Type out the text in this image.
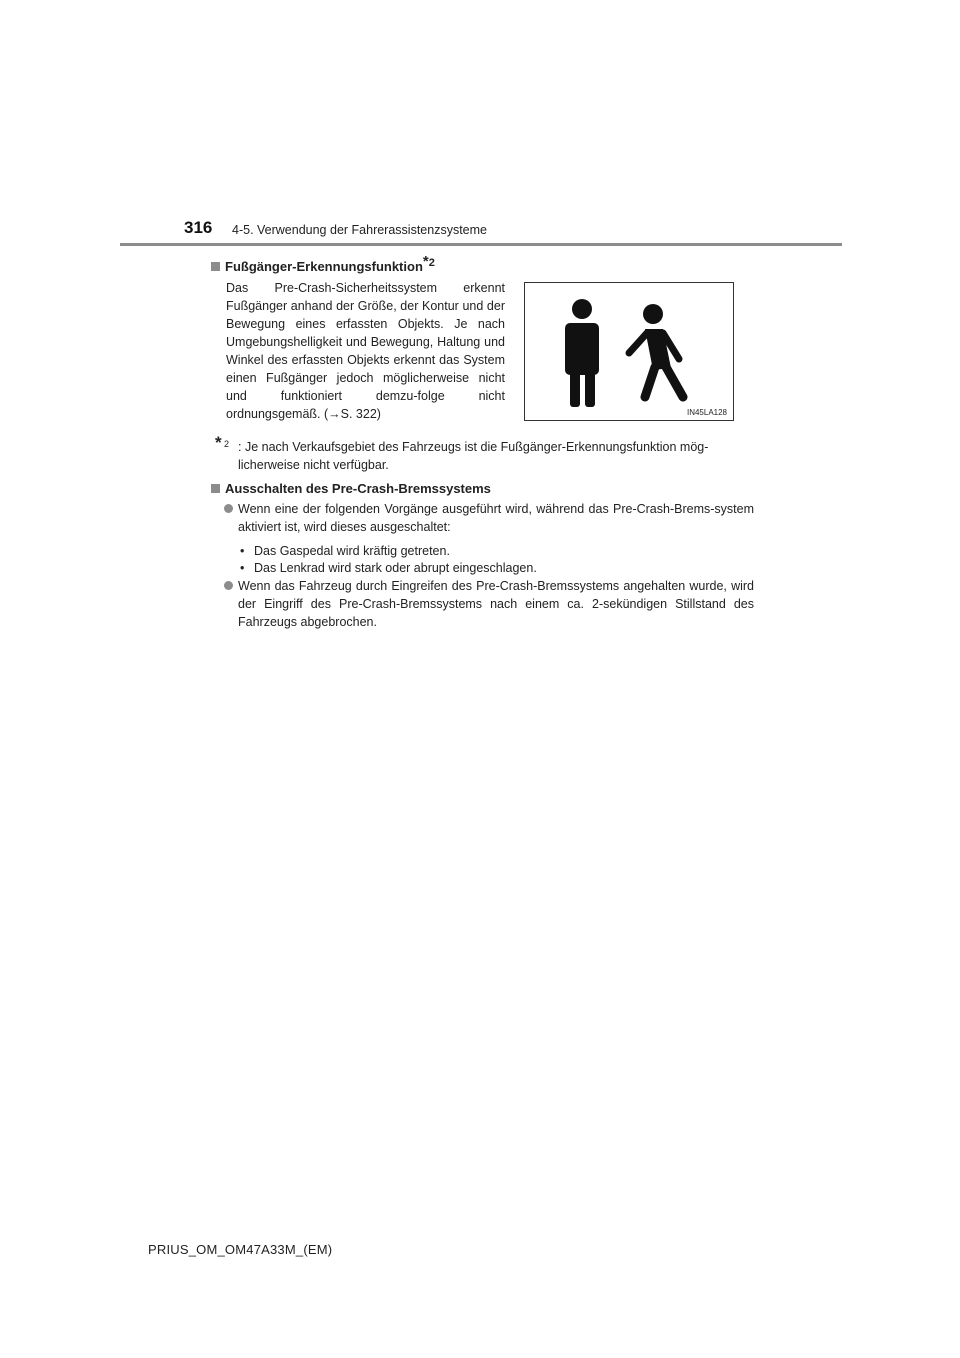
316 4-5. Verwendung der Fahrerassistenzsysteme
Fußgänger-Erkennungsfunktion$^{*2}$
Das Pre-Crash-Sicherheitssystem erkennt Fußgänger anhand der Größe, der Kontur und der Bewegung eines erfassten Objekts. Je nach Umgebungshelligkeit und Bewegung, Haltung und Winkel des erfassten Objekts erkennt das System einen Fußgänger jedoch möglicherweise nicht und funktioniert demzu-folge nicht ordnungsgemäß. (→S. 322)	IN45LA128
* 2 : Je nach Verkaufsgebiet des Fahrzeugs ist die Fußgänger-Erkennungsfunktion mög-licherweise nicht verfügbar.
Ausschalten des Pre-Crash-Bremssystems
Wenn eine der folgenden Vorgänge ausgeführt wird, während das Pre-Crash-Brems-system aktiviert ist, wird dieses ausgeschaltet:
• Das Gaspedal wird kräftig getreten.
• Das Lenkrad wird stark oder abrupt eingeschlagen.
Wenn das Fahrzeug durch Eingreifen des Pre-Crash-Bremssystems angehalten wurde, wird der Eingriff des Pre-Crash-Bremssystems nach einem ca. 2-sekündigen Stillstand des Fahrzeugs abgebrochen.
PRIUS_OM_OM47A33M_(EM)
